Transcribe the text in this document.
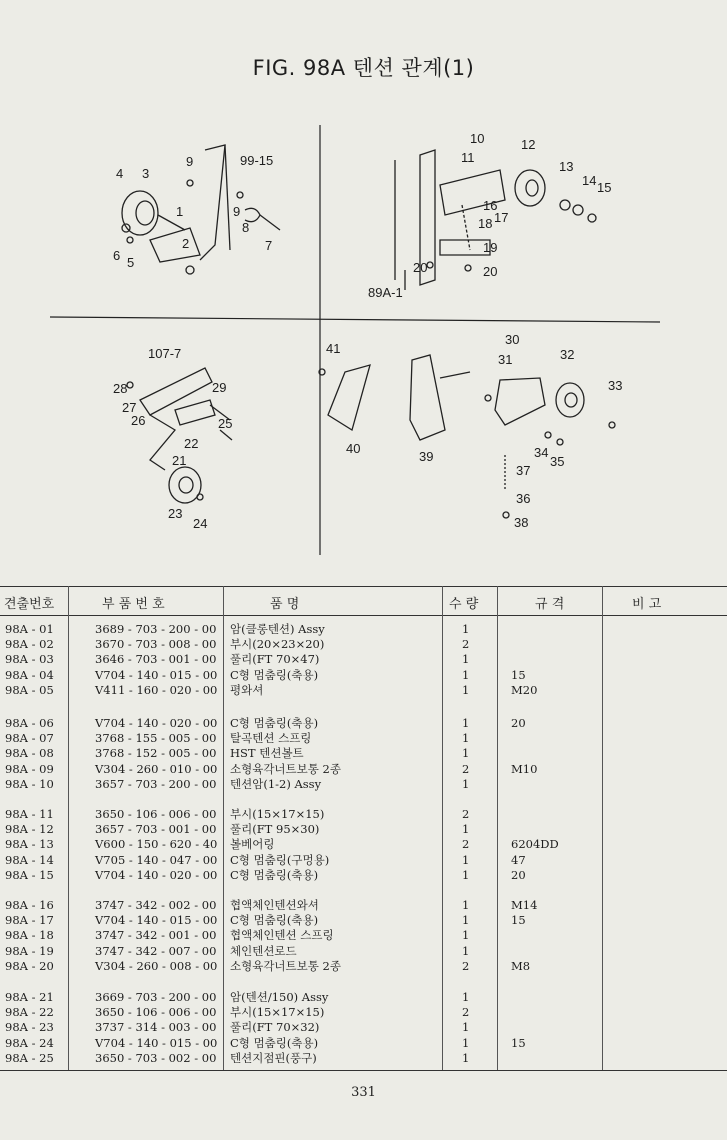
FIG. 98A 텐션 관계(1)
4 3
9	99-15
1	9
8
2	7
6 5
10	12
11
13
14 15
16
17
18
19
20	20
89A-1
107-7
28
27
29
26	25
22
21
23
24
41
30
31	32
33
40
39	34
35
37
36
38
견출번호	부 품 번 호	품 명	수 량	규 격	비 고
98A - 01	3689 - 703 - 200 - 00 암(클롱텐션) Assy	1
98A - 02	3670 - 703 - 008 - 00 부시(20×23×20)	2
98A - 03	3646 - 703 - 001 - 00 풀리(FT 70×47)	1
98A - 04	V704 - 140 - 015 - 00 C형 멈춤링(축용)	1	15
98A - 05	V411 - 160 - 020 - 00 평와셔	1	M20
98A - 06	V704 - 140 - 020 - 00 C형 멈춤링(축용)	1	20
98A - 07	3768 - 155 - 005 - 00 탈곡텐션 스프링	1
98A - 08	3768 - 152 - 005 - 00 HST 텐션볼트	1
98A - 09	V304 - 260 - 010 - 00 소형육각너트보통 2종	2	M10
98A - 10	3657 - 703 - 200 - 00 텐션암(1-2) Assy	1
98A - 11	3650 - 106 - 006 - 00 부시(15×17×15)	2
98A - 12	3657 - 703 - 001 - 00 풀리(FT 95×30)	1
98A - 13	V600 - 150 - 620 - 40 볼베어링	2	6204DD
98A - 14	V705 - 140 - 047 - 00 C형 멈춤링(구멍용)	1	47
98A - 15	V704 - 140 - 020 - 00 C형 멈춤링(축용)	1	20
98A - 16	3747 - 342 - 002 - 00 협액체인텐션와셔	1	M14
98A - 17	V704 - 140 - 015 - 00 C형 멈춤링(축용)	1	15
98A - 18	3747 - 342 - 001 - 00 협액체인텐션 스프링	1
98A - 19	3747 - 342 - 007 - 00 체인텐션로드	1
98A - 20	V304 - 260 - 008 - 00 소형육각너트보통 2종	2	M8
98A - 21	3669 - 703 - 200 - 00 암(텐션/150) Assy	1
98A - 22	3650 - 106 - 006 - 00 부시(15×17×15)	2
98A - 23	3737 - 314 - 003 - 00 풀리(FT 70×32)	1
98A - 24	V704 - 140 - 015 - 00 C형 멈춤링(축용)	1	15
98A - 25	3650 - 703 - 002 - 00 텐션지점핀(풍구)	1
331
